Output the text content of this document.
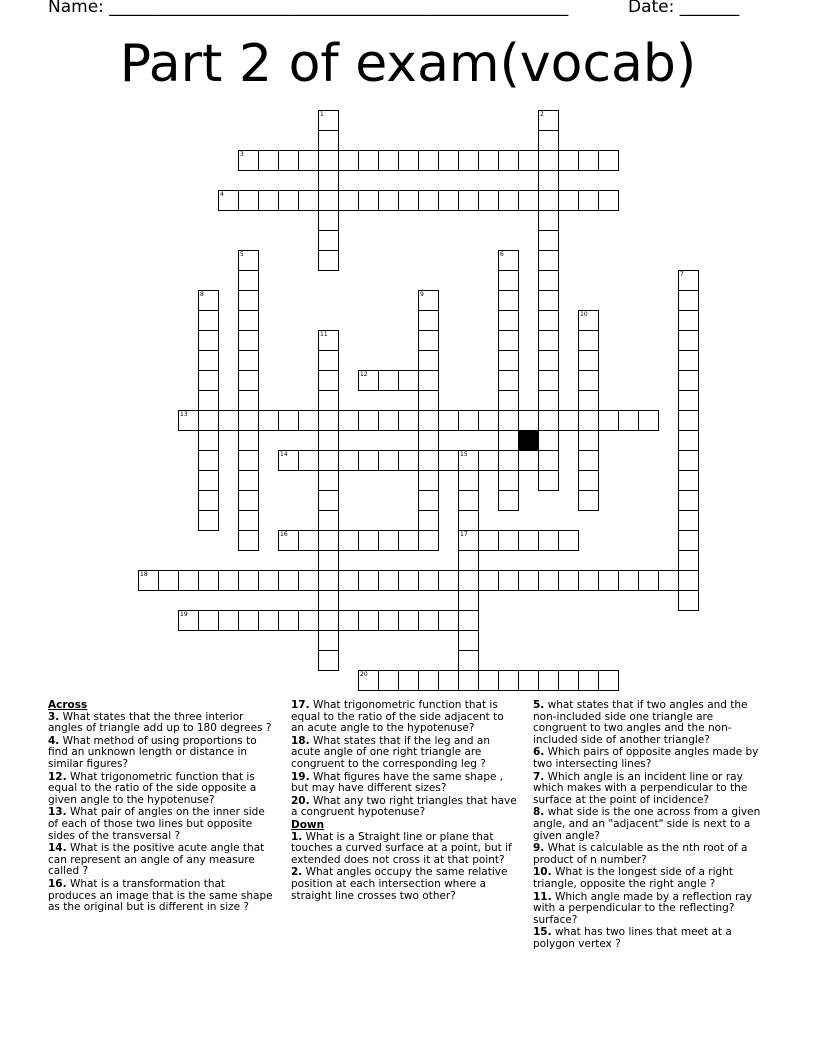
Name: ______________________________________________________	Date: _______
Part 2 of exam(vocab)
1	2
3
4
5	6
7
8	9
10
11
12
13
14	15
17
16
18
19
20
Across
3. What states that the three interior angles of triangle add up to 180 degrees ?
4. What method of using proportions to find an unknown length or distance in similar figures?
12. What trigonometric function that is equal to the ratio of the side opposite a given angle to the hypotenuse?
13. What pair of angles on the inner side of each of those two lines but opposite sides of the transversal ?
14. What is the positive acute angle that can represent an angle of any measure called ?
16. What is a transformation that produces an image that is the same shape as the original but is different in size ?
17. What trigonometric function that is equal to the ratio of the side adjacent to an acute angle to the hypotenuse?
18. What states that if the leg and an acute angle of one right triangle are congruent to the corresponding leg ?
19. What figures have the same shape , but may have different sizes?
20. What any two right triangles that have a congruent hypotenuse?
Down
1. What is a Straight line or plane that touches a curved surface at a point, but if extended does not cross it at that point?
2. What angles occupy the same relative position at each intersection where a straight line crosses two other?
5. what states that if two angles and the non-included side one triangle are congruent to two angles and the non-included side of another triangle?
6. Which pairs of opposite angles made by two intersecting lines?
7. Which angle is an incident line or ray which makes with a perpendicular to the surface at the point of incidence?
8. what side is the one across from a given angle, and an "adjacent" side is next to a given angle?
9. What is calculable as the nth root of a product of n number?
10. What is the longest side of a right triangle, opposite the right angle ?
11. Which angle made by a reflection ray with a perpendicular to the reflecting? surface?
15. what has two lines that meet at a polygon vertex ?
